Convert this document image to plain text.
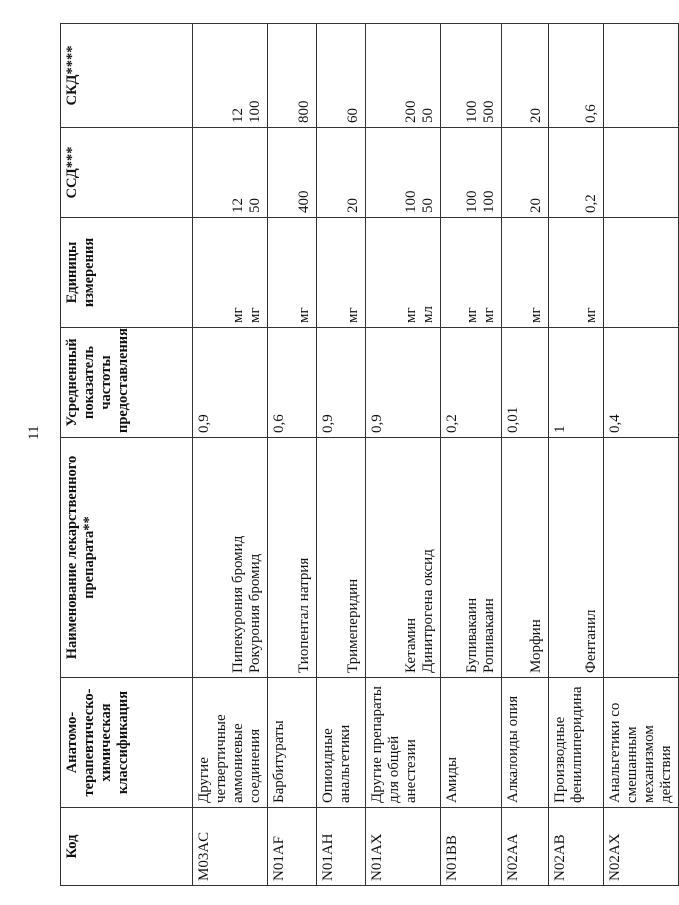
11
Код	Анатомо-терапевтическо-химическая классификация	Наименование лекарственного препарата**	Усредненный показатель частоты предоставления	Единицы измерения	ССД***	СКД****
M03AC	Другие четвертичные аммониевые соединения	Пипекурония бромид Рокурония бромид	0,9	мг мг	12 50	12 100

N01AF	Барбитураты	Тиопентал натрия	0,6	мг	400	800

N01AH	Опиоидные анальгетики	Тримеперидин	0,9	мг	20	60

N01AX	Другие препараты для общей анестезии	Кетамин Динитрогена оксид	0,9	мг мл	100 50	200 50

N01BB	Амиды	Бупивакаин Ропивакаин	0,2	мг мг	100 100	100 500

N02AA	Алкалоиды опия	Морфин	0,01	мг	20	20

N02AB	Производные фенилпиперидина	Фентанил	1	мг	0,2	0,6

N02AX	Анальгетики со смешанным механизмом действия		0,4	
